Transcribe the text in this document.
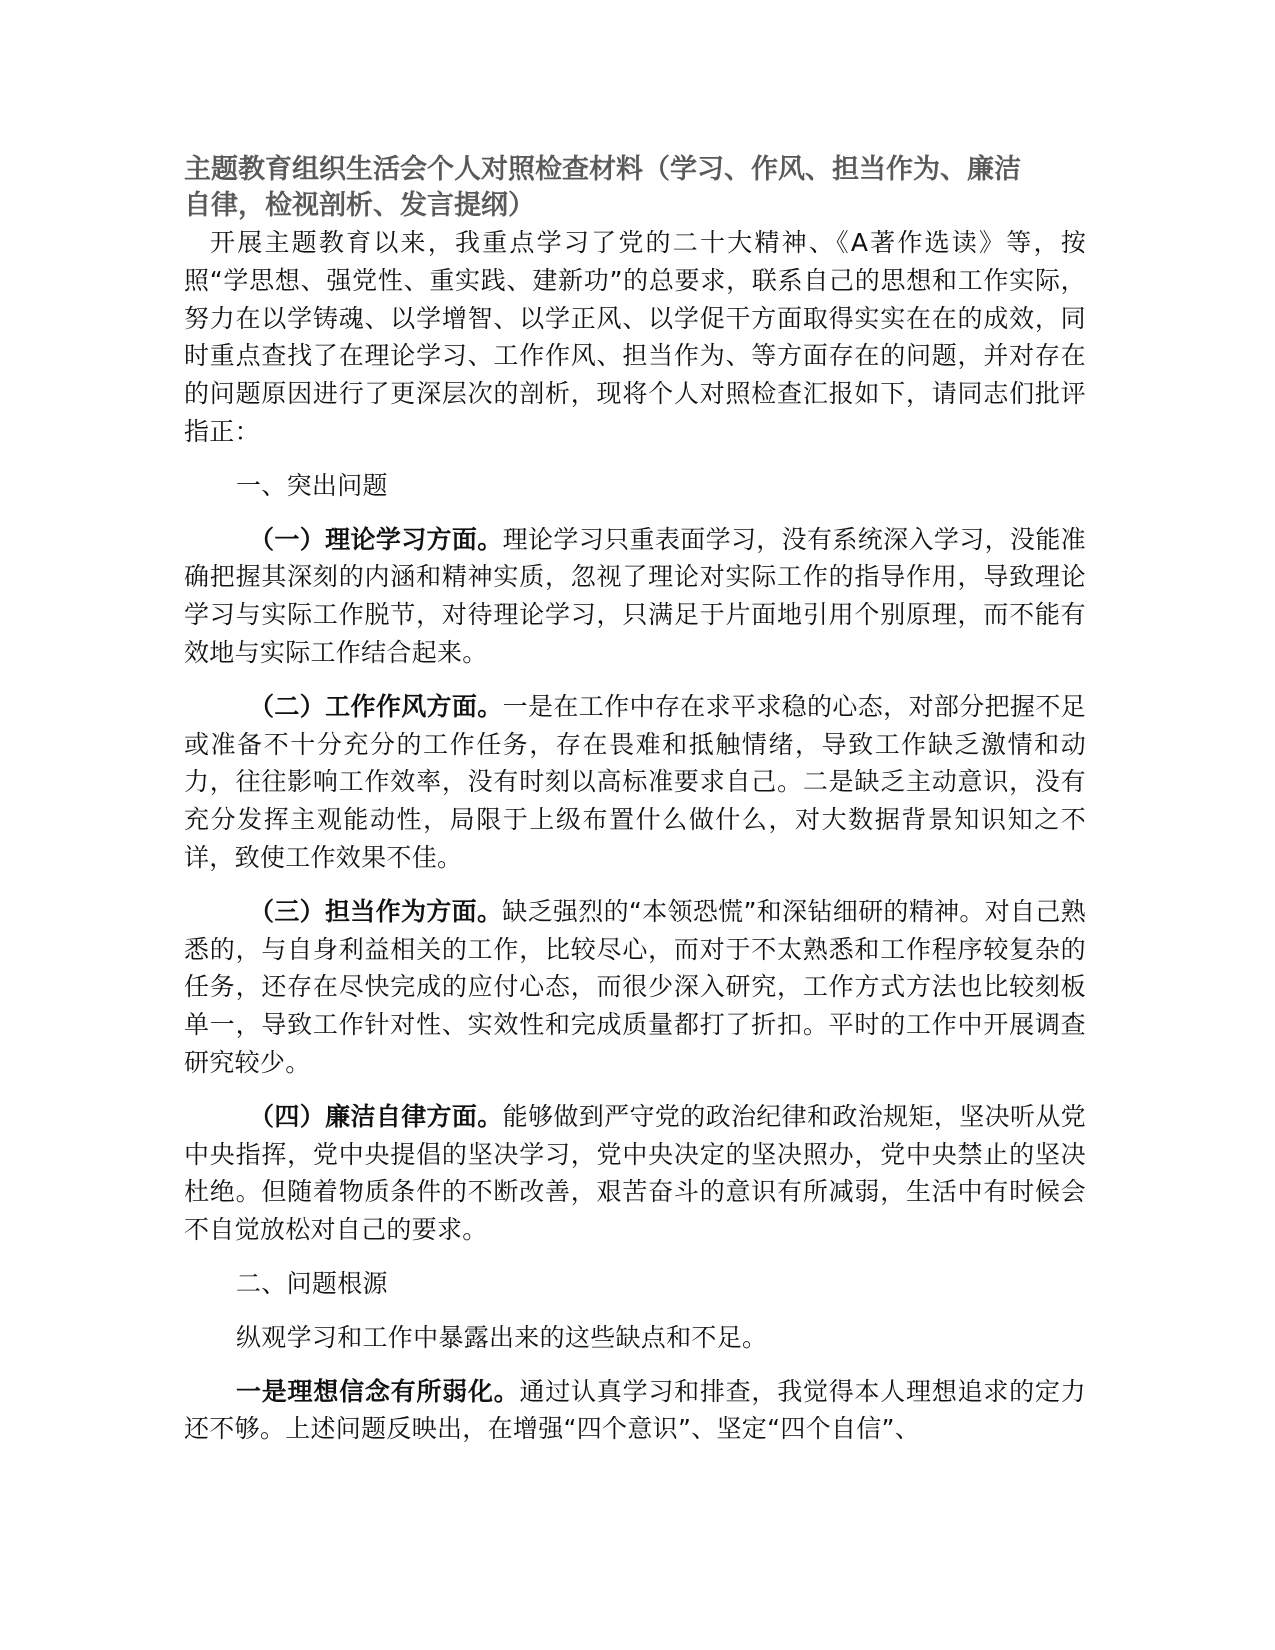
主题教育组织生活会个人对照检查材料（学习、作风、担当作为、廉洁自律，检视剖析、发言提纲）

开展主题教育以来，我重点学习了党的二十大精神、《A著作选读》等，按照“学思想、强党性、重实践、建新功”的总要求，联系自己的思想和工作实际，努力在以学铸魂、以学增智、以学正风、以学促干方面取得实实在在的成效，同时重点查找了在理论学习、工作作风、担当作为、等方面存在的问题，并对存在的问题原因进行了更深层次的剖析，现将个人对照检查汇报如下，请同志们批评指正：

一、突出问题

（一）理论学习方面。理论学习只重表面学习，没有系统深入学习，没能准确把握其深刻的内涵和精神实质，忽视了理论对实际工作的指导作用，导致理论学习与实际工作脱节，对待理论学习，只满足于片面地引用个别原理，而不能有效地与实际工作结合起来。

（二）工作作风方面。一是在工作中存在求平求稳的心态，对部分把握不足或准备不十分充分的工作任务，存在畏难和抵触情绪，导致工作缺乏激情和动力，往往影响工作效率，没有时刻以高标准要求自己。二是缺乏主动意识，没有充分发挥主观能动性，局限于上级布置什么做什么，对大数据背景知识知之不详，致使工作效果不佳。

（三）担当作为方面。缺乏强烈的“本领恐慌”和深钻细研的精神。对自己熟悉的，与自身利益相关的工作，比较尽心，而对于不太熟悉和工作程序较复杂的任务，还存在尽快完成的应付心态，而很少深入研究，工作方式方法也比较刻板单一，导致工作针对性、实效性和完成质量都打了折扣。平时的工作中开展调查研究较少。

（四）廉洁自律方面。能够做到严守党的政治纪律和政治规矩，坚决听从党中央指挥，党中央提倡的坚决学习，党中央决定的坚决照办，党中央禁止的坚决杜绝。但随着物质条件的不断改善，艰苦奋斗的意识有所减弱，生活中有时候会不自觉放松对自己的要求。

二、问题根源

纵观学习和工作中暴露出来的这些缺点和不足。

一是理想信念有所弱化。通过认真学习和排查，我觉得本人理想追求的定力还不够。上述问题反映出，在增强“四个意识”、坚定“四个自信”、
